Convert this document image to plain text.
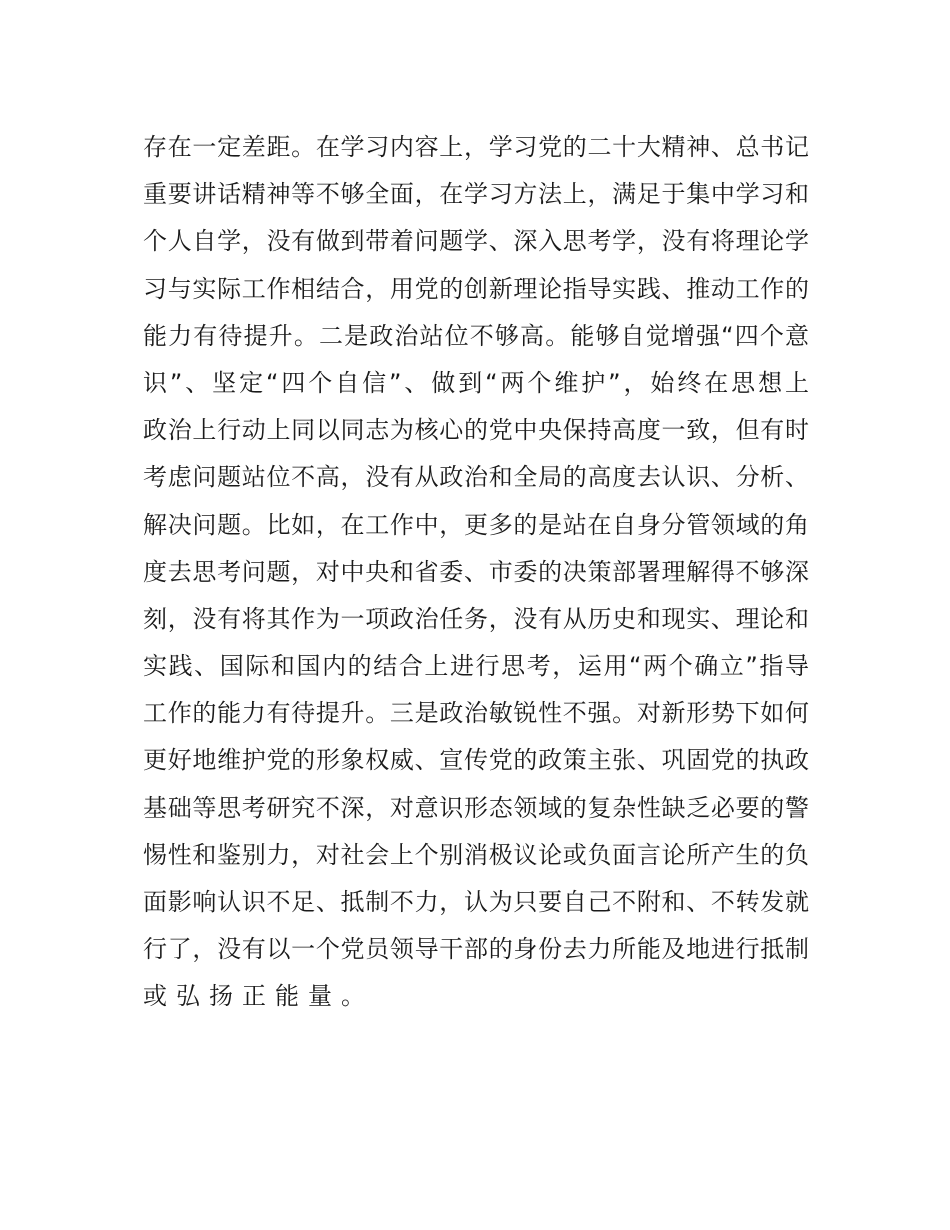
存在一定差距。在学习内容上，学习党的二十大精神、总书记
重要讲话精神等不够全面，在学习方法上，满足于集中学习和
个人自学，没有做到带着问题学、深入思考学，没有将理论学
习与实际工作相结合，用党的创新理论指导实践、推动工作的
能力有待提升。二是政治站位不够高。能够自觉增强“四个意
识”、坚定“四个自信”、做到“两个维护”，始终在思想上
政治上行动上同以同志为核心的党中央保持高度一致，但有时
考虑问题站位不高，没有从政治和全局的高度去认识、分析、
解决问题。比如，在工作中，更多的是站在自身分管领域的角
度去思考问题，对中央和省委、市委的决策部署理解得不够深
刻，没有将其作为一项政治任务，没有从历史和现实、理论和
实践、国际和国内的结合上进行思考，运用“两个确立”指导
工作的能力有待提升。三是政治敏锐性不强。对新形势下如何
更好地维护党的形象权威、宣传党的政策主张、巩固党的执政
基础等思考研究不深，对意识形态领域的复杂性缺乏必要的警
惕性和鉴别力，对社会上个别消极议论或负面言论所产生的负
面影响认识不足、抵制不力，认为只要自己不附和、不转发就
行了，没有以一个党员领导干部的身份去力所能及地进行抵制
或弘扬正能量。
